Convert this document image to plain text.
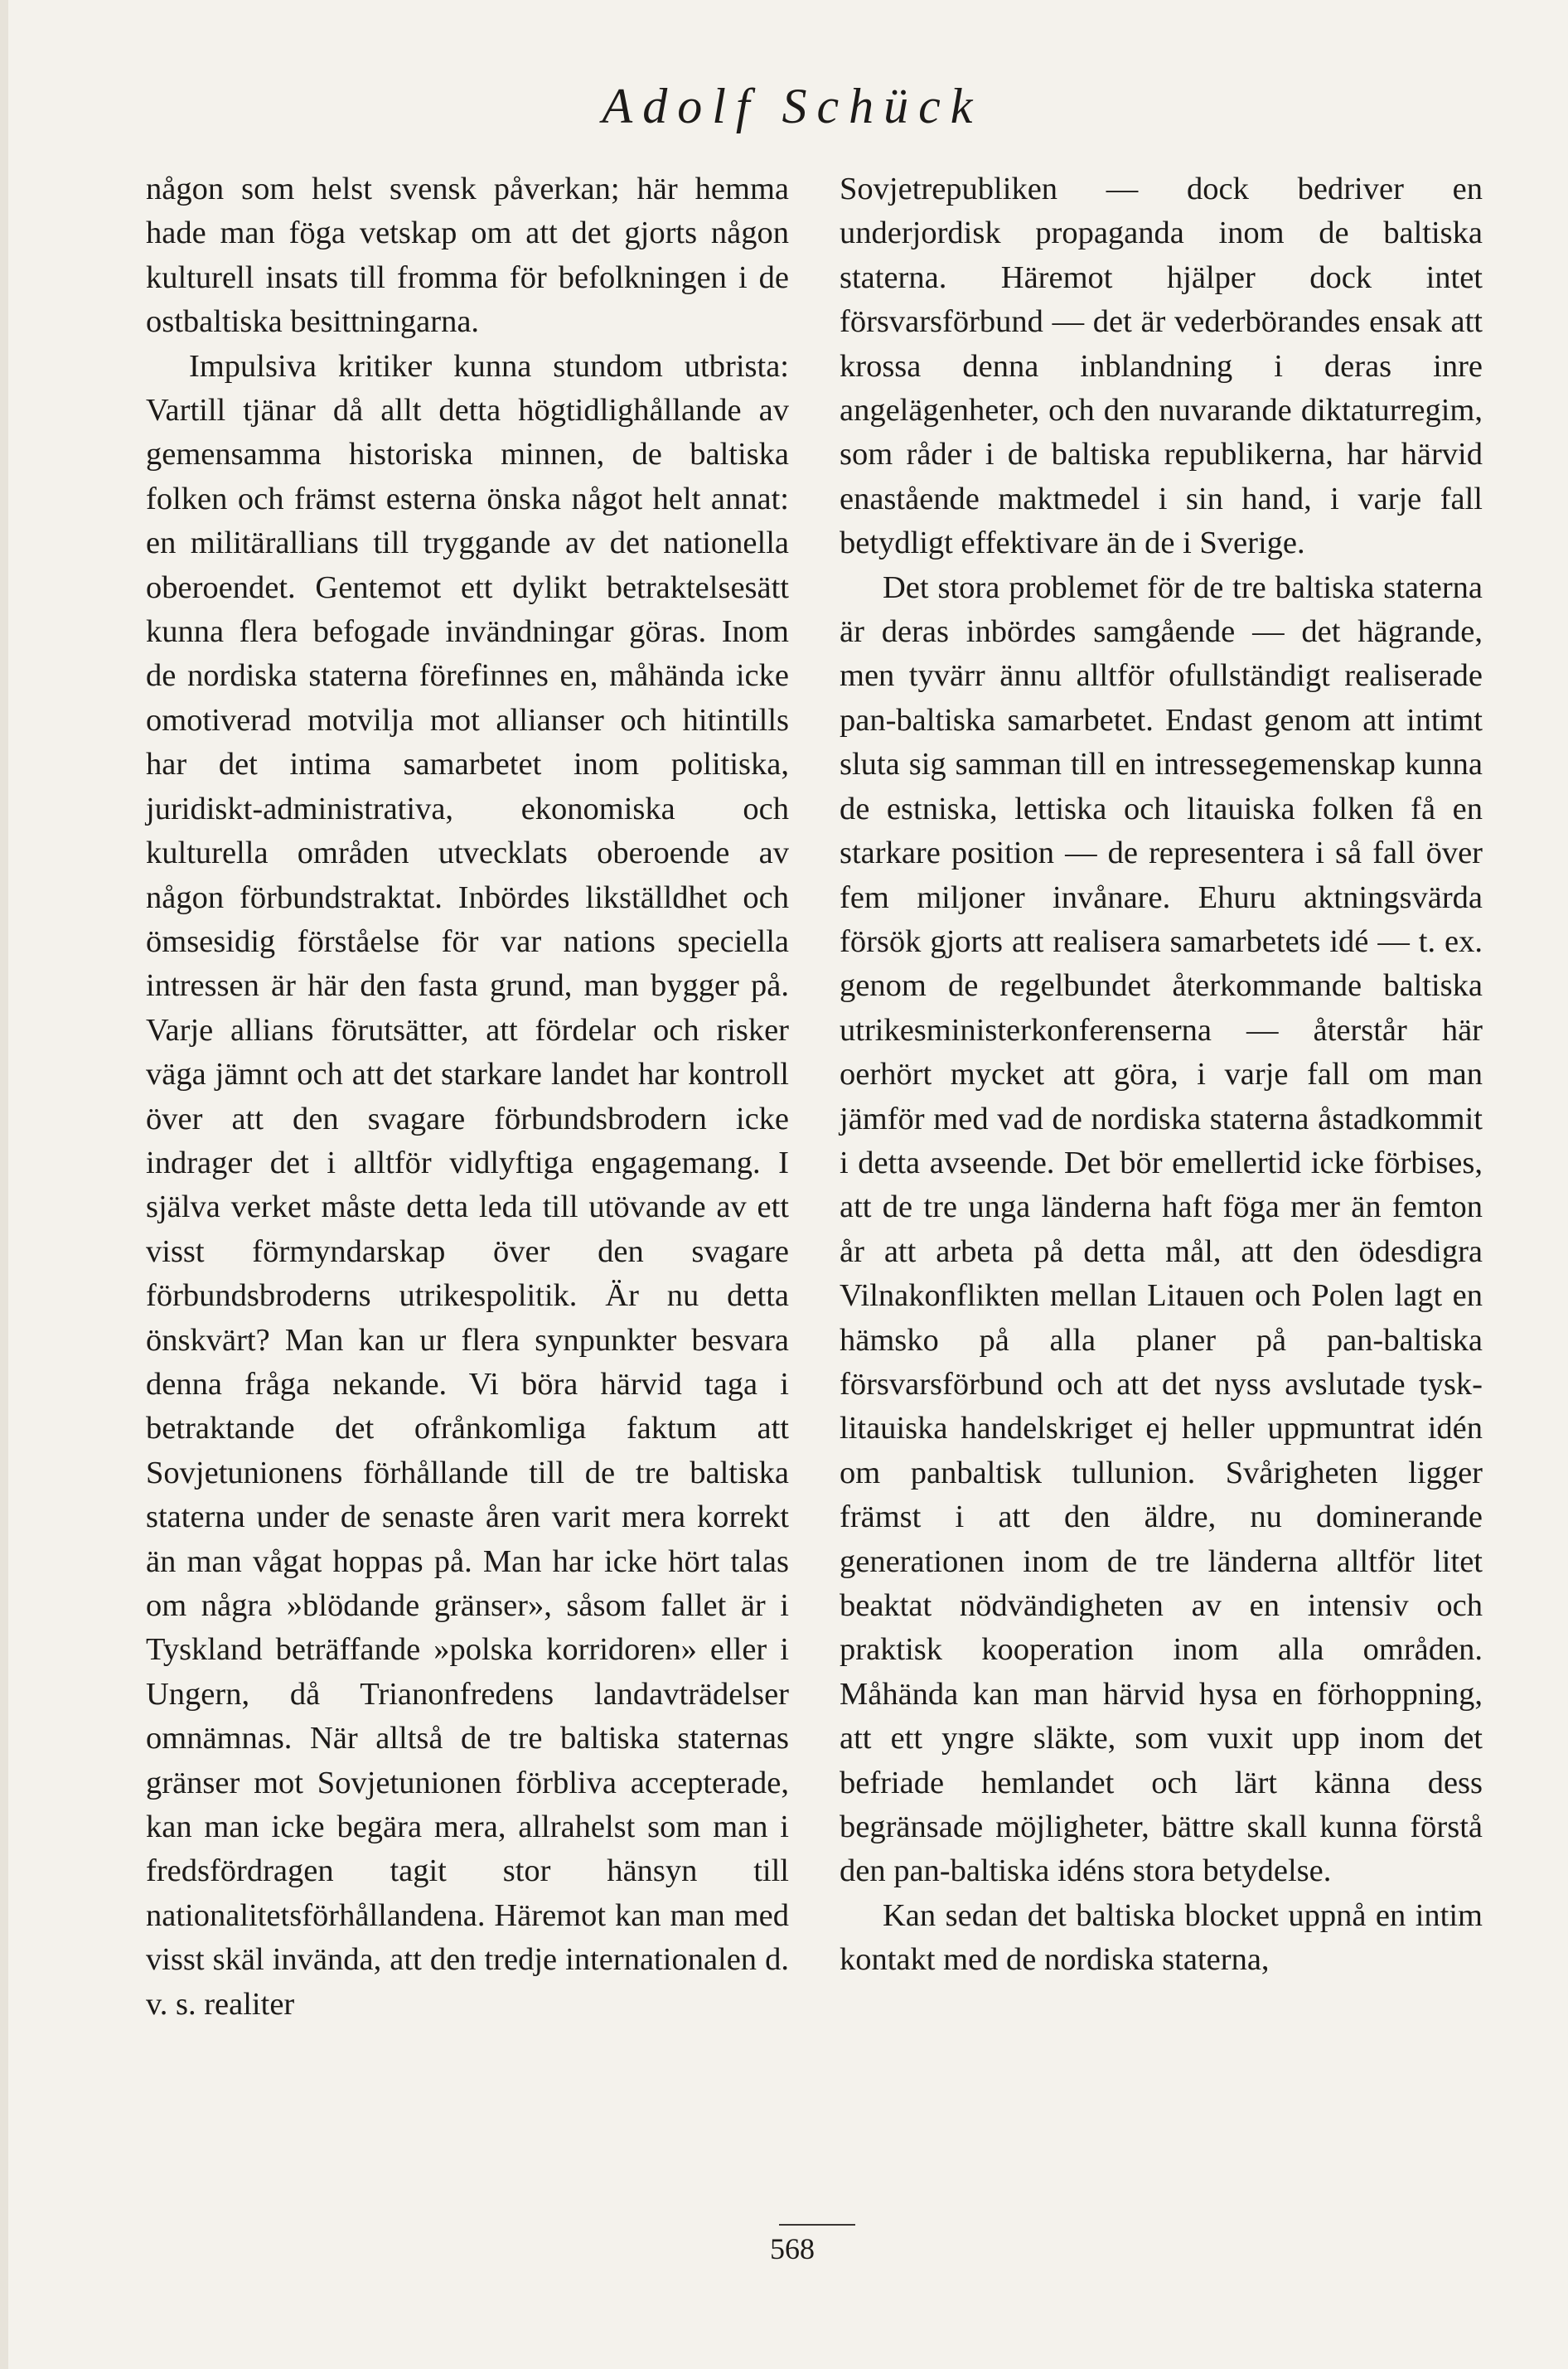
Adolf Schück

någon som helst svensk påverkan; här hemma hade man föga vetskap om att det gjorts någon kulturell insats till fromma för befolkningen i de ostbaltiska besittningarna.

Impulsiva kritiker kunna stundom utbrista: Vartill tjänar då allt detta högtidlighållande av gemensamma historiska minnen, de baltiska folken och främst esterna önska något helt annat: en militärallians till tryggande av det nationella oberoendet. Gentemot ett dylikt betraktelsesätt kunna flera befogade invändningar göras. Inom de nordiska staterna förefinnes en, måhända icke omotiverad motvilja mot allianser och hitintills har det intima samarbetet inom politiska, juridiskt-administrativa, ekonomiska och kulturella områden utvecklats oberoende av någon förbundstraktat. Inbördes likställdhet och ömsesidig förståelse för var nations speciella intressen är här den fasta grund, man bygger på. Varje allians förutsätter, att fördelar och risker väga jämnt och att det starkare landet har kontroll över att den svagare förbundsbrodern icke indrager det i alltför vidlyftiga engagemang. I själva verket måste detta leda till utövande av ett visst förmyndarskap över den svagare förbundsbroderns utrikespolitik. Är nu detta önskvärt? Man kan ur flera synpunkter besvara denna fråga nekande. Vi böra härvid taga i betraktande det ofrånkomliga faktum att Sovjetunionens förhållande till de tre baltiska staterna under de senaste åren varit mera korrekt än man vågat hoppas på. Man har icke hört talas om några »blödande gränser», såsom fallet är i Tyskland beträffande »polska korridoren» eller i Ungern, då Trianonfredens landavträdelser omnämnas. När alltså de tre baltiska staternas gränser mot Sovjetunionen förbliva accepterade, kan man icke begära mera, allrahelst som man i fredsfördragen tagit stor hänsyn till nationalitetsförhållandena. Häremot kan man med visst skäl invända, att den tredje internationalen d. v. s. realiter

Sovjetrepubliken — dock bedriver en underjordisk propaganda inom de baltiska staterna. Häremot hjälper dock intet försvarsförbund — det är vederbörandes ensak att krossa denna inblandning i deras inre angelägenheter, och den nuvarande diktaturregim, som råder i de baltiska republikerna, har härvid enastående maktmedel i sin hand, i varje fall betydligt effektivare än de i Sverige.

Det stora problemet för de tre baltiska staterna är deras inbördes samgående — det hägrande, men tyvärr ännu alltför ofullständigt realiserade pan-baltiska samarbetet. Endast genom att intimt sluta sig samman till en intressegemenskap kunna de estniska, lettiska och litauiska folken få en starkare position — de representera i så fall över fem miljoner invånare. Ehuru aktningsvärda försök gjorts att realisera samarbetets idé — t. ex. genom de regelbundet återkommande baltiska utrikesministerkonferenserna — återstår här oerhört mycket att göra, i varje fall om man jämför med vad de nordiska staterna åstadkommit i detta avseende. Det bör emellertid icke förbises, att de tre unga länderna haft föga mer än femton år att arbeta på detta mål, att den ödesdigra Vilnakonflikten mellan Litauen och Polen lagt en hämsko på alla planer på pan-baltiska försvarsförbund och att det nyss avslutade tysk-litauiska handelskriget ej heller uppmuntrat idén om panbaltisk tullunion. Svårigheten ligger främst i att den äldre, nu dominerande generationen inom de tre länderna alltför litet beaktat nödvändigheten av en intensiv och praktisk kooperation inom alla områden. Måhända kan man härvid hysa en förhoppning, att ett yngre släkte, som vuxit upp inom det befriade hemlandet och lärt känna dess begränsade möjligheter, bättre skall kunna förstå den pan-baltiska idéns stora betydelse.

Kan sedan det baltiska blocket uppnå en intim kontakt med de nordiska staterna,

568
